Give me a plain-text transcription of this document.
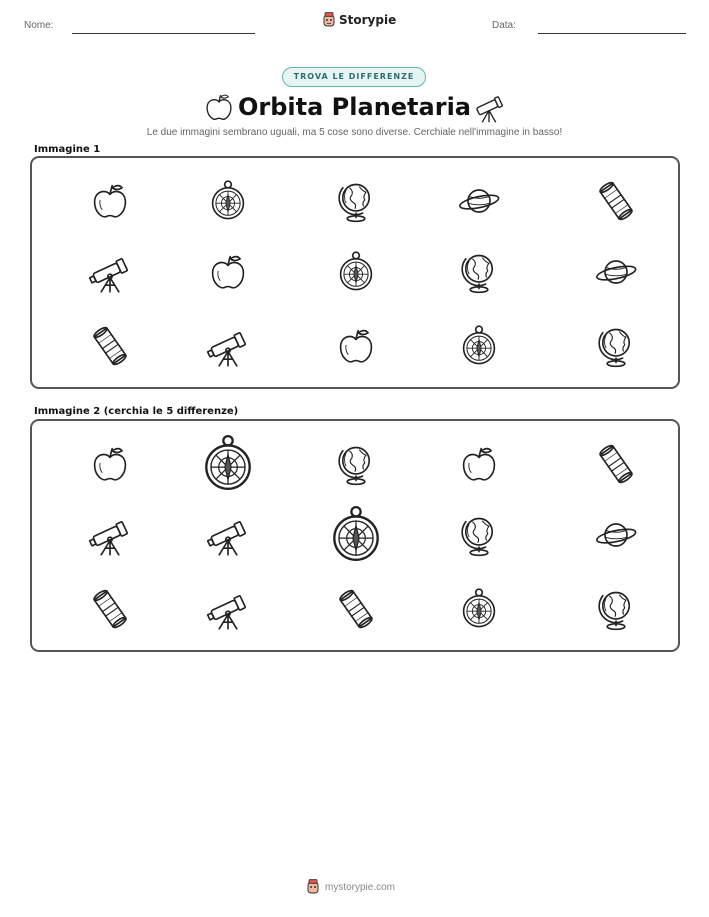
Nome:	Storypie	Data:
TROVA LE DIFFERENZE
Orbita Planetaria
Le due immagini sembrano uguali, ma 5 cose sono diverse. Cerchiale nell'immagine in basso!
Immagine 1
Immagine 2 (cerchia le 5 differenze)
mystorypie.com
